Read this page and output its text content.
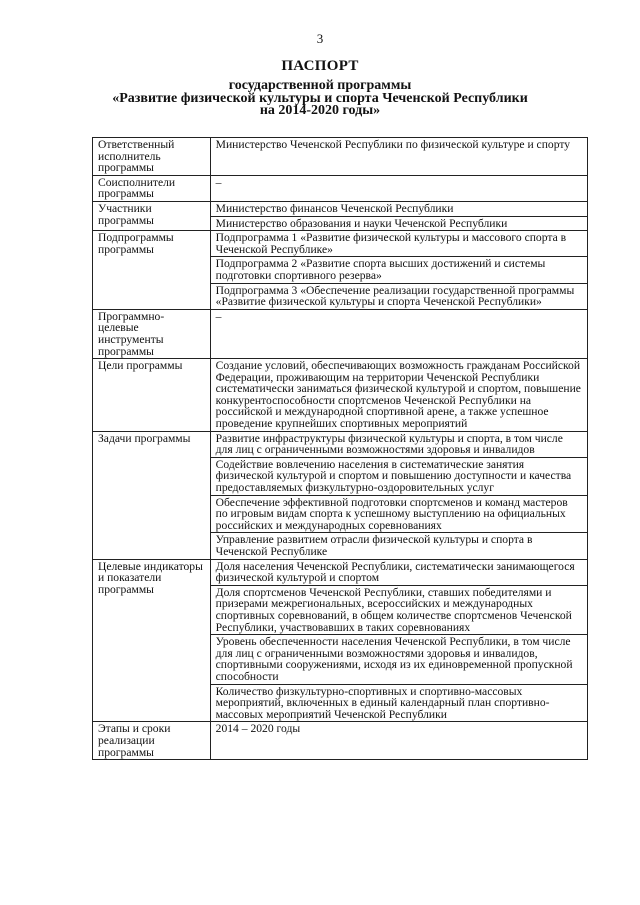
3
ПАСПОРТ
государственной программы
«Развитие физической культуры и спорта Чеченской Республики
на 2014-2020 годы»
Ответственный исполнитель программы	Министерство Чеченской Республики по физической культуре и спорту
Соисполнители программы	–
Участники программы	Министерство финансов Чеченской Республики
	Министерство образования и науки Чеченской Республики
Подпрограммы программы	Подпрограмма 1 «Развитие физической культуры и массового спорта в Чеченской Республике»
	Подпрограмма 2 «Развитие спорта высших достижений и системы подготовки спортивного резерва»
	Подпрограмма 3 «Обеспечение реализации государственной программы «Развитие физической культуры и спорта Чеченской Республики»
Программно-целевые инструменты программы	–
Цели программы	Создание условий, обеспечивающих возможность гражданам Российской Федерации, проживающим на территории Чеченской Республики систематически заниматься физической культурой и спортом, повышение конкурентоспособности спортсменов Чеченской Республики на российской и международной спортивной арене, а также успешное проведение крупнейших спортивных мероприятий
Задачи программы	Развитие инфраструктуры физической культуры и спорта, в том числе для лиц с ограниченными возможностями здоровья и инвалидов
	Содействие вовлечению населения в систематические занятия физической культурой и спортом и повышению доступности и качества предоставляемых физкультурно-оздоровительных услуг
	Обеспечение эффективной подготовки спортсменов и команд мастеров по игровым видам спорта к успешному выступлению на официальных российских и международных соревнованиях
	Управление развитием отрасли физической культуры и спорта в Чеченской Республике
Целевые индикаторы и показатели программы	Доля населения Чеченской Республики, систематически занимающегося физической культурой и спортом
	Доля спортсменов Чеченской Республики, ставших победителями и призерами межрегиональных, всероссийских и международных спортивных соревнований, в общем количестве спортсменов Чеченской Республики, участвовавших в таких соревнованиях
	Уровень обеспеченности населения Чеченской Республики, в том числе для лиц с ограниченными возможностями здоровья и инвалидов, спортивными сооружениями, исходя из их единовременной пропускной способности
	Количество физкультурно-спортивных и спортивно-массовых мероприятий, включенных в единый календарный план спортивно-массовых мероприятий Чеченской Республики
Этапы и сроки реализации программы	2014 – 2020 годы
